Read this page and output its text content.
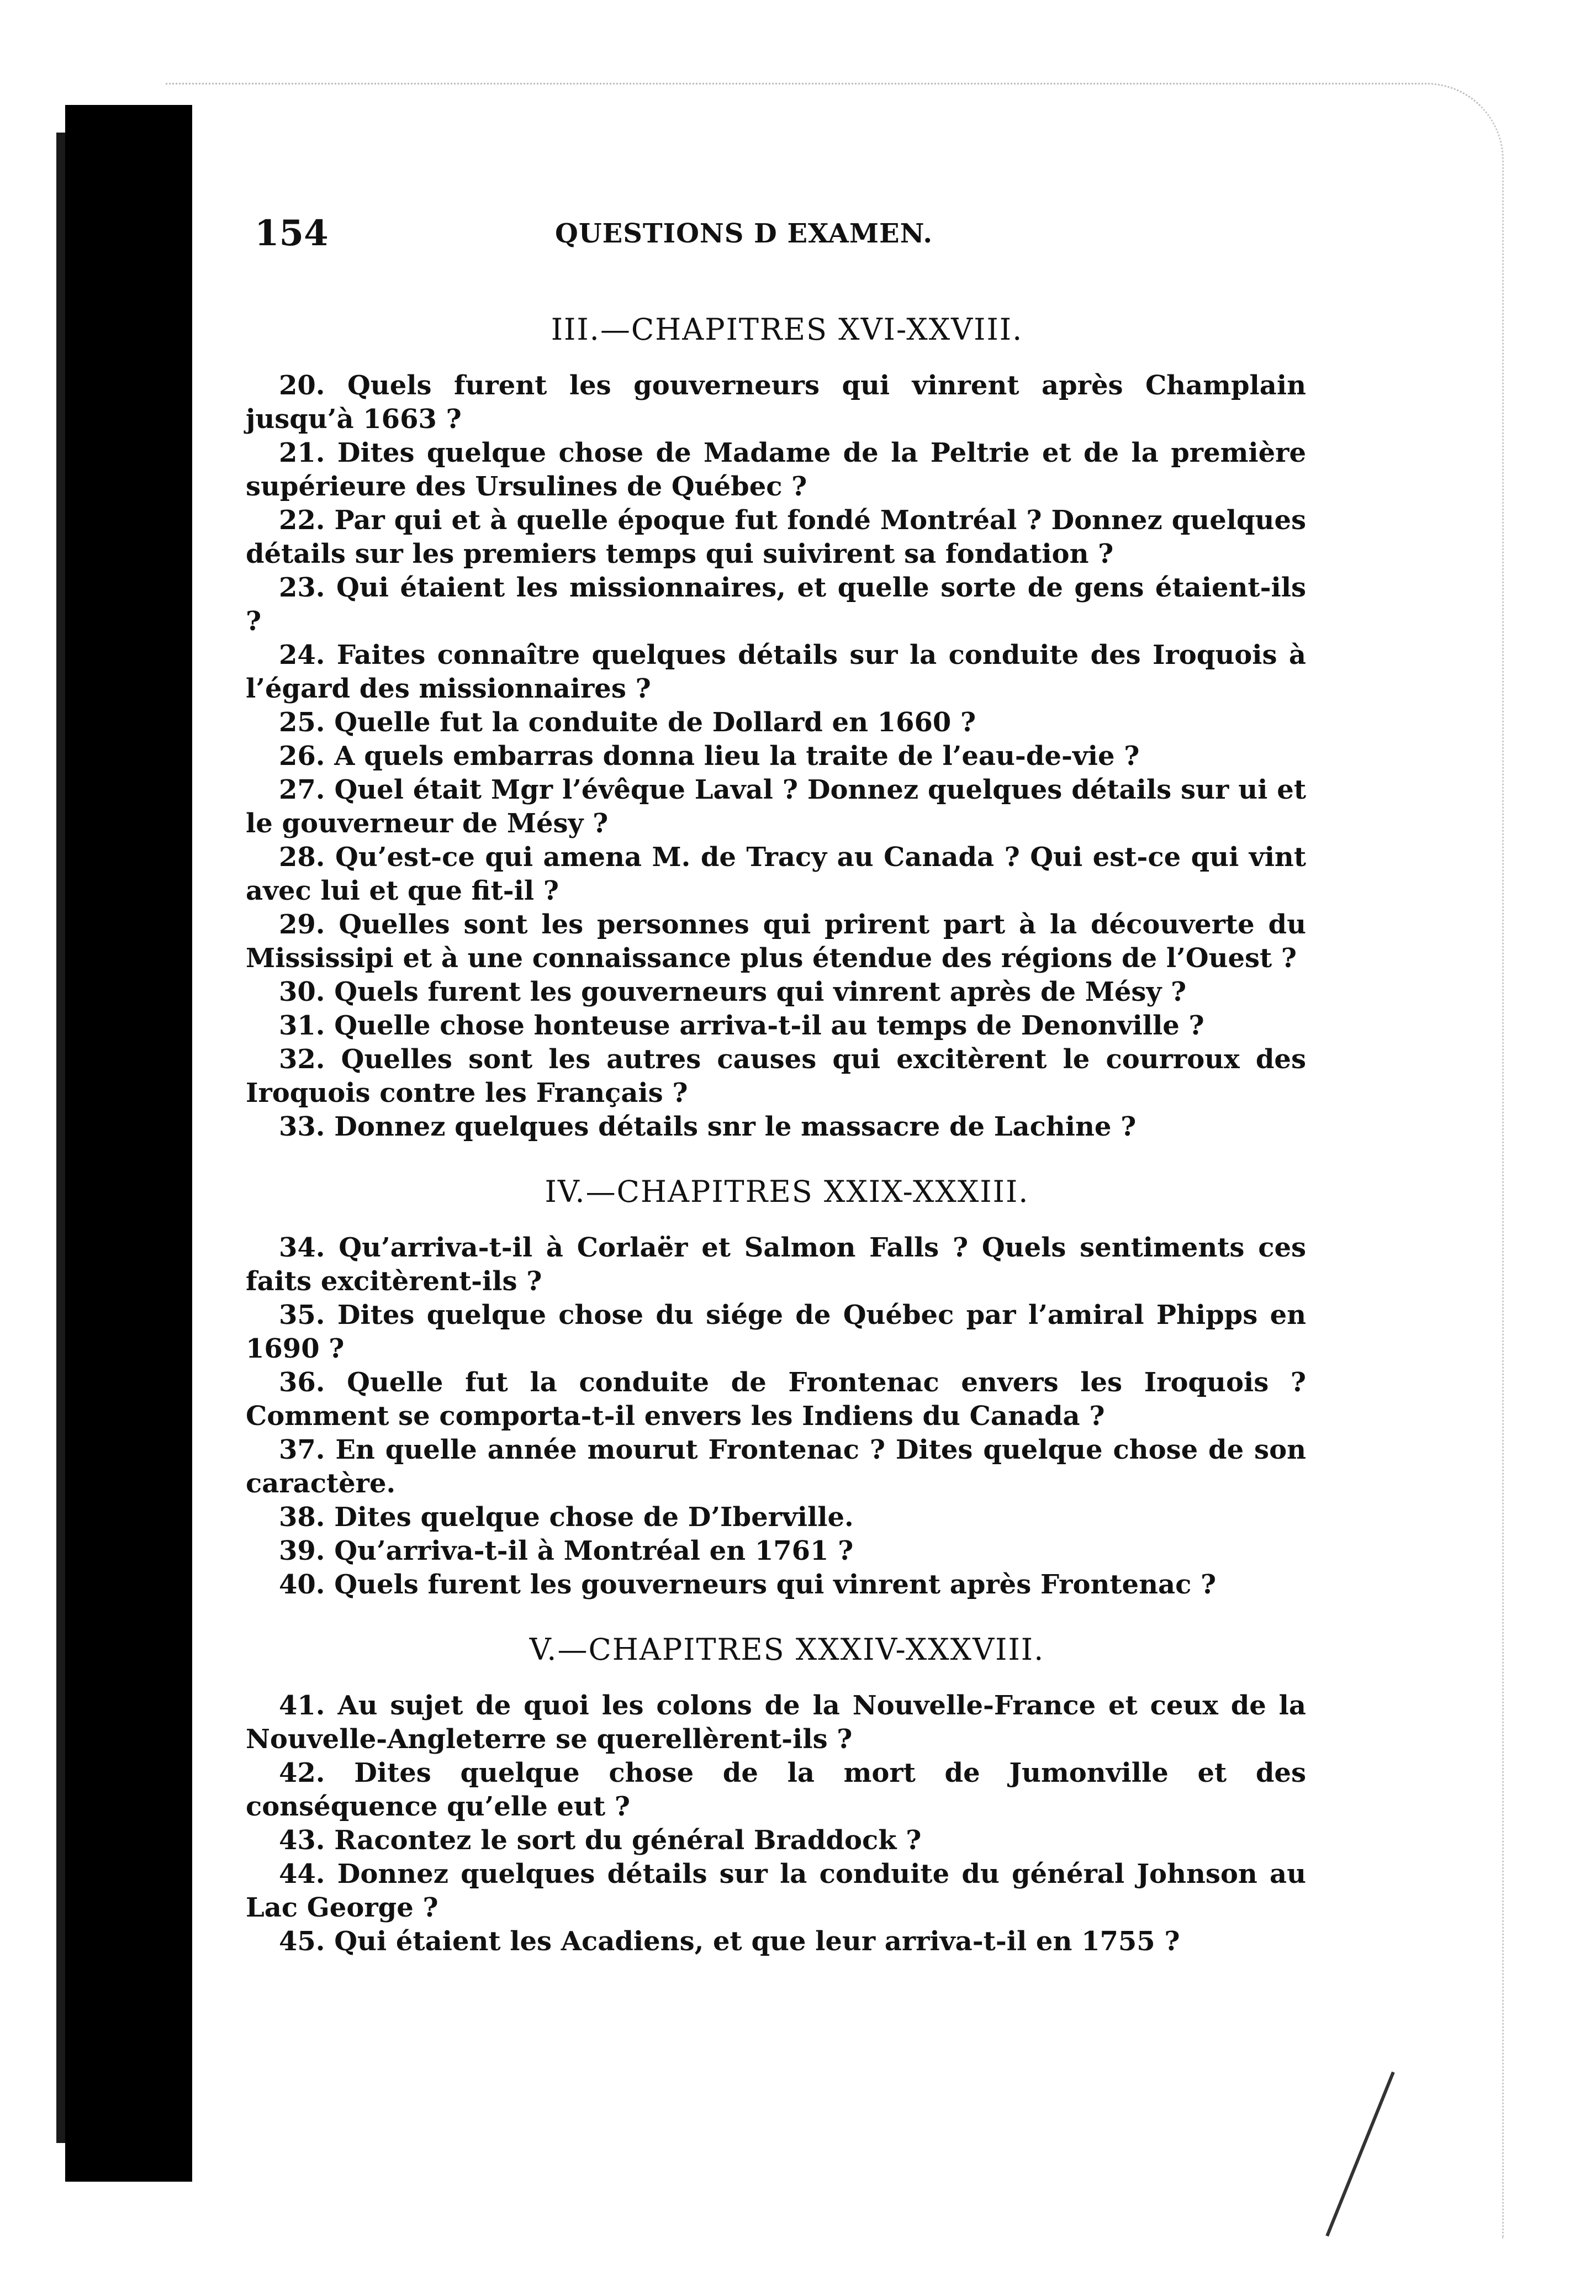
154	QUESTIONS D EXAMEN.
III.—CHAPITRES XVI-XXVIII.
20. Quels furent les gouverneurs qui vinrent après Champlain jusqu’à 1663 ?
21. Dites quelque chose de Madame de la Peltrie et de la première supérieure des Ursulines de Québec ?
22. Par qui et à quelle époque fut fondé Montréal ? Donnez quelques détails sur les premiers temps qui suivirent sa fondation ?
23. Qui étaient les missionnaires, et quelle sorte de gens étaient-ils ?
24. Faites connaître quelques détails sur la conduite des Iroquois à l’égard des missionnaires ?
25. Quelle fut la conduite de Dollard en 1660 ?
26. A quels embarras donna lieu la traite de l’eau-de-vie ?
27. Quel était Mgr l’évêque Laval ? Donnez quelques détails sur ui et le gouverneur de Mésy ?
28. Qu’est-ce qui amena M. de Tracy au Canada ? Qui est-ce qui vint avec lui et que fit-il ?
29. Quelles sont les personnes qui prirent part à la découverte du Mississipi et à une connaissance plus étendue des régions de l’Ouest ?
30. Quels furent les gouverneurs qui vinrent après de Mésy ?
31. Quelle chose honteuse arriva-t-il au temps de Denonville ?
32. Quelles sont les autres causes qui excitèrent le courroux des Iroquois contre les Français ?
33. Donnez quelques détails snr le massacre de Lachine ?
IV.—CHAPITRES XXIX-XXXIII.
34. Qu’arriva-t-il à Corlaër et Salmon Falls ? Quels sentiments ces faits excitèrent-ils ?
35. Dites quelque chose du siége de Québec par l’amiral Phipps en 1690 ?
36. Quelle fut la conduite de Frontenac envers les Iroquois ? Comment se comporta-t-il envers les Indiens du Canada ?
37. En quelle année mourut Frontenac ? Dites quelque chose de son caractère.
38. Dites quelque chose de D’Iberville.
39. Qu’arriva-t-il à Montréal en 1761 ?
40. Quels furent les gouverneurs qui vinrent après Frontenac ?
V.—CHAPITRES XXXIV-XXXVIII.
41. Au sujet de quoi les colons de la Nouvelle-France et ceux de la Nouvelle-Angleterre se querellèrent-ils ?
42. Dites quelque chose de la mort de Jumonville et des conséquence qu’elle eut ?
43. Racontez le sort du général Braddock ?
44. Donnez quelques détails sur la conduite du général Johnson au Lac George ?
45. Qui étaient les Acadiens, et que leur arriva-t-il en 1755 ?
